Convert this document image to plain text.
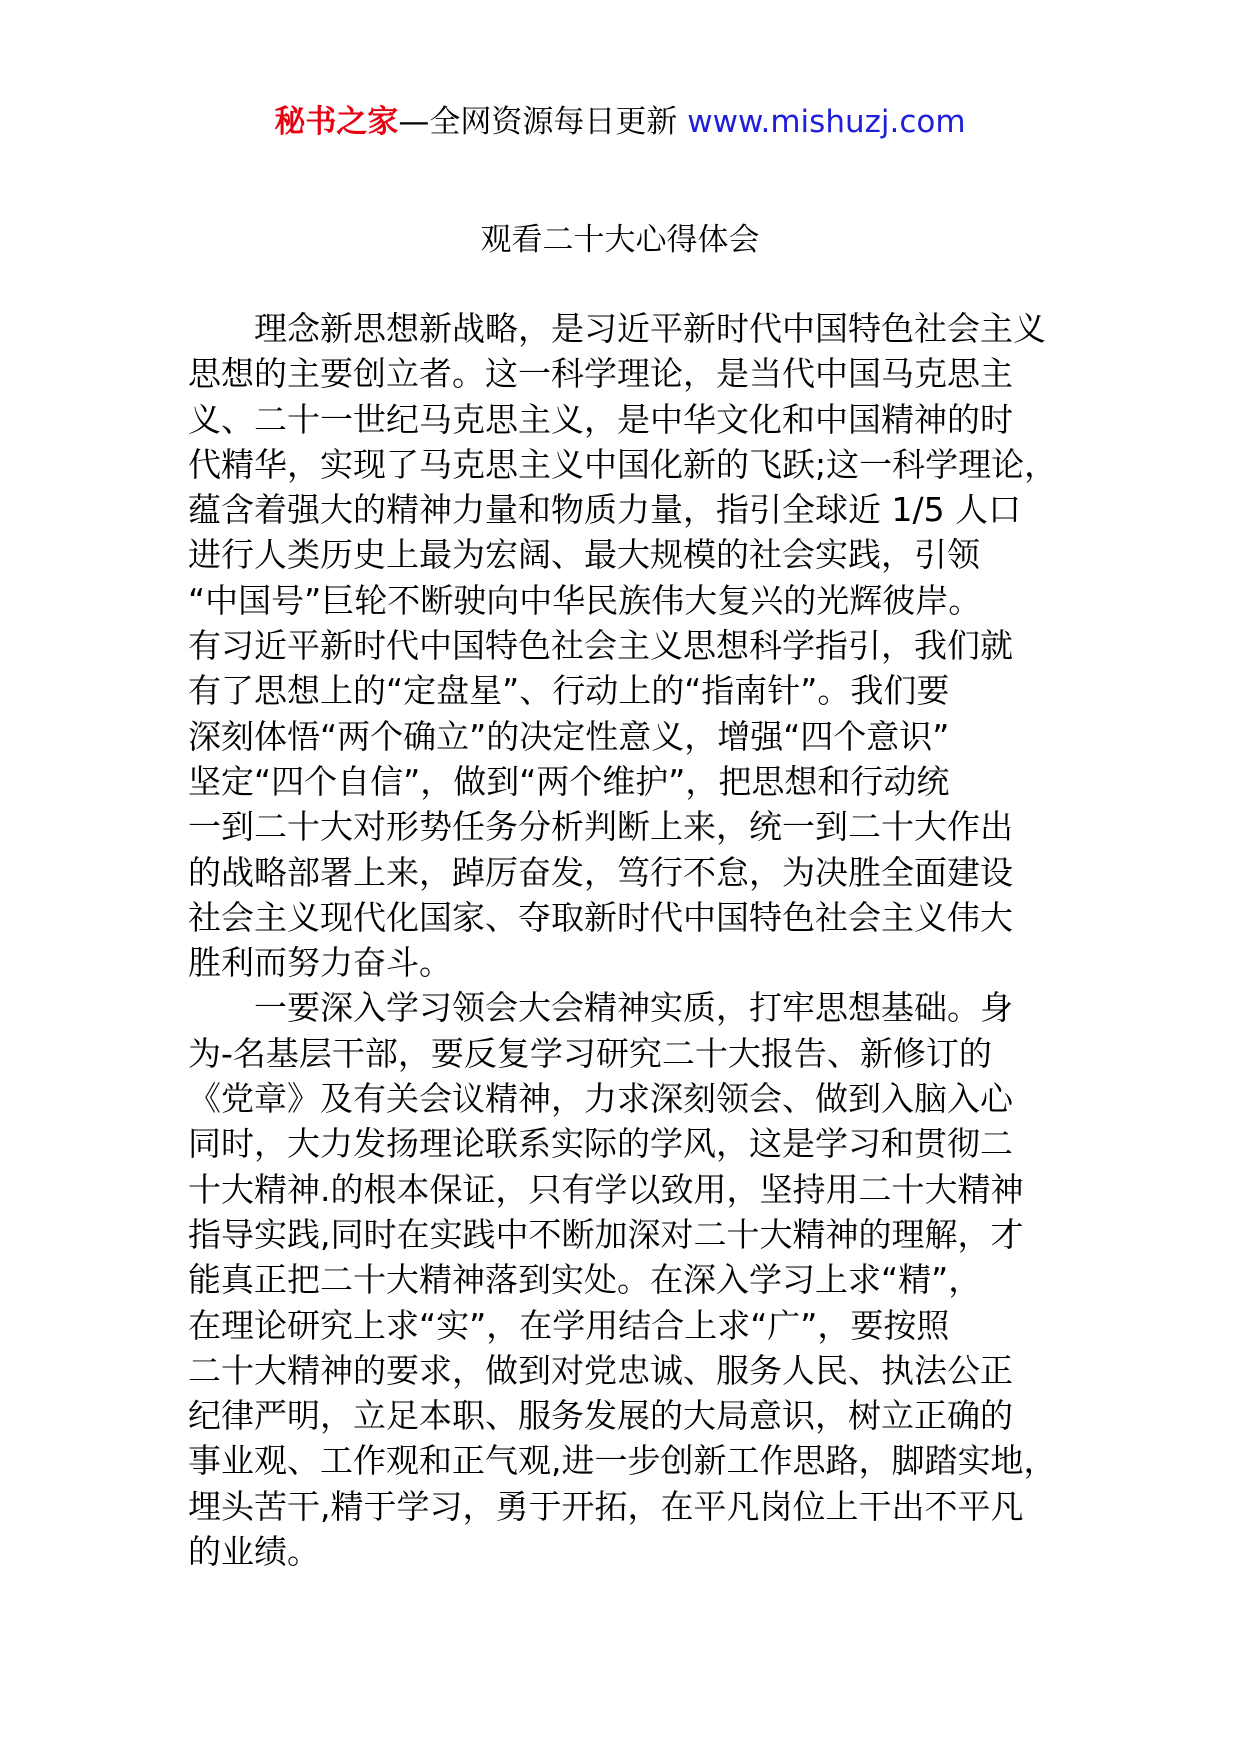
秘书之家—全网资源每日更新 www.mishuzj.com
观看二十大心得体会
　　理念新思想新战略，是习近平新时代中国特色社会主义
思想的主要创立者。这一科学理论，是当代中国马克思主
义、二十一世纪马克思主义，是中华文化和中国精神的时
代精华，实现了马克思主义中国化新的飞跃;这一科学理论，
蕴含着强大的精神力量和物质力量，指引全球近 1/5 人口
进行人类历史上最为宏阔、最大规模的社会实践，引领
“中国号”巨轮不断驶向中华民族伟大复兴的光辉彼岸。
有习近平新时代中国特色社会主义思想科学指引，我们就
有了思想上的“定盘星”、行动上的“指南针”。我们要
深刻体悟“两个确立”的决定性意义，增强“四个意识”
坚定“四个自信”，做到“两个维护”，把思想和行动统
一到二十大对形势任务分析判断上来，统一到二十大作出
的战略部署上来，踔厉奋发，笃行不怠，为决胜全面建设
社会主义现代化国家、夺取新时代中国特色社会主义伟大
胜利而努力奋斗。
　　一要深入学习领会大会精神实质，打牢思想基础。身
为-名基层干部，要反复学习研究二十大报告、新修订的
《党章》及有关会议精神，力求深刻领会、做到入脑入心
同时，大力发扬理论联系实际的学风，这是学习和贯彻二
十大精神.的根本保证，只有学以致用，坚持用二十大精神
指导实践,同时在实践中不断加深对二十大精神的理解，才
能真正把二十大精神落到实处。在深入学习上求“精”，
在理论研究上求“实”，在学用结合上求“广”，要按照
二十大精神的要求，做到对党忠诚、服务人民、执法公正
纪律严明，立足本职、服务发展的大局意识，树立正确的
事业观、工作观和正气观,进一步创新工作思路，脚踏实地，
埋头苦干,精于学习，勇于开拓，在平凡岗位上干出不平凡
的业绩。
